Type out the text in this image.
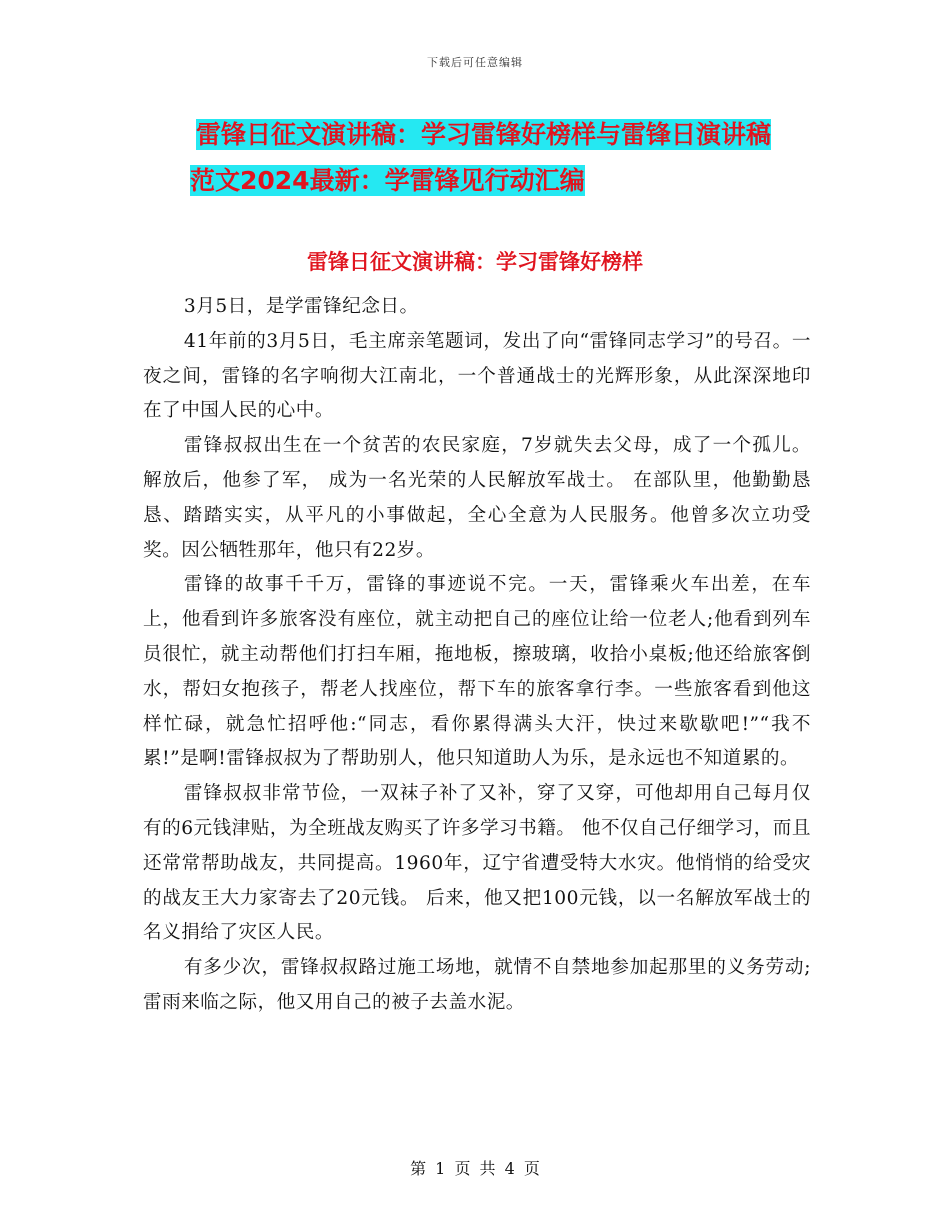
下载后可任意编辑
雷锋日征文演讲稿：学习雷锋好榜样与雷锋日演讲稿
范文2024最新：学雷锋见行动汇编
雷锋日征文演讲稿：学习雷锋好榜样

3月5日，是学雷锋纪念日。

41年前的3月5日，毛主席亲笔题词，发出了向“雷锋同志学习”的号召。一夜之间，雷锋的名字响彻大江南北，一个普通战士的光辉形象，从此深深地印在了中国人民的心中。

雷锋叔叔出生在一个贫苦的农民家庭，7岁就失去父母，成了一个孤儿。 解放后，他参了军， 成为一名光荣的人民解放军战士。 在部队里，他勤勤恳恳、踏踏实实，从平凡的小事做起，全心全意为人民服务。他曾多次立功受奖。因公牺牲那年，他只有22岁。

雷锋的故事千千万，雷锋的事迹说不完。一天，雷锋乘火车出差，在车上，他看到许多旅客没有座位，就主动把自己的座位让给一位老人;他看到列车员很忙，就主动帮他们打扫车厢，拖地板，擦玻璃，收拾小桌板;他还给旅客倒水，帮妇女抱孩子，帮老人找座位，帮下车的旅客拿行李。一些旅客看到他这样忙碌，就急忙招呼他:“同志，看你累得满头大汗，快过来歇歇吧!”“我不累!”是啊!雷锋叔叔为了帮助别人，他只知道助人为乐，是永远也不知道累的。

雷锋叔叔非常节俭，一双袜子补了又补，穿了又穿，可他却用自己每月仅有的6元钱津贴，为全班战友购买了许多学习书籍。 他不仅自己仔细学习，而且还常常帮助战友，共同提高。1960年，辽宁省遭受特大水灾。他悄悄的给受灾的战友王大力家寄去了20元钱。 后来，他又把100元钱，以一名解放军战士的名义捐给了灾区人民。

有多少次，雷锋叔叔路过施工场地，就情不自禁地参加起那里的义务劳动;雷雨来临之际，他又用自己的被子去盖水泥。

第 1 页 共 4 页
